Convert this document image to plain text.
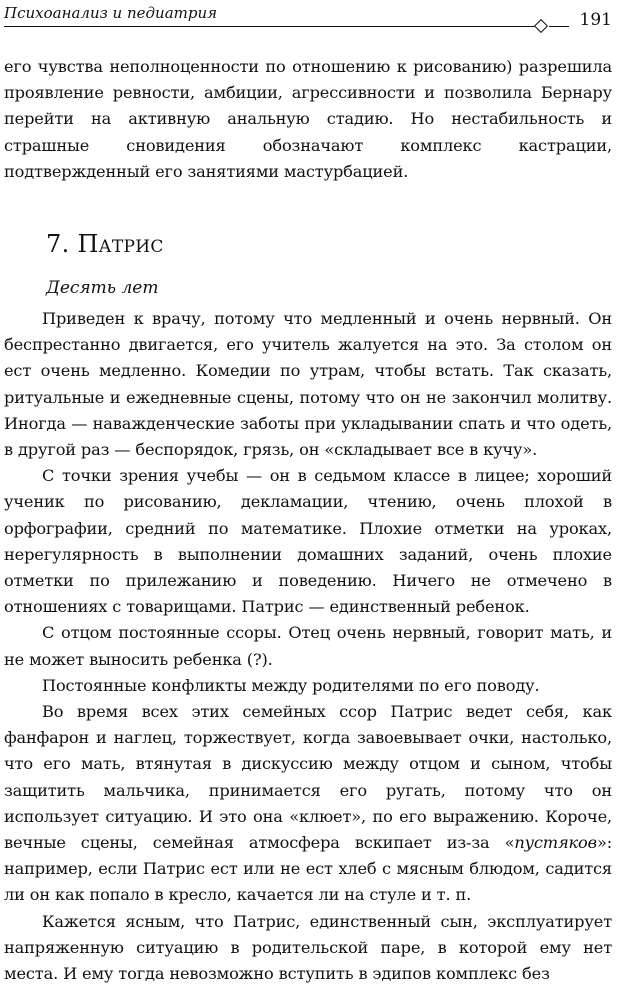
Психоанализ и педиатрия	191

его чувства неполноценности по отношению к рисованию) разрешила проявление ревности, амбиции, агрессивности и позволила Бернару перейти на активную анальную стадию. Но нестабильность и страшные сновидения обозначают комплекс кастрации, подтвержденный его занятиями мастурбацией.

7. Патрис
Десять лет

Приведен к врачу, потому что медленный и очень нервный. Он беспрестанно двигается, его учитель жалуется на это. За столом он ест очень медленно. Комедии по утрам, чтобы встать. Так сказать, ритуальные и ежедневные сцены, потому что он не закончил молитву. Иногда — наважденческие заботы при укладывании спать и что одеть, в другой раз — беспорядок, грязь, он «складывает все в кучу».

С точки зрения учебы — он в седьмом классе в лицее; хороший ученик по рисованию, декламации, чтению, очень плохой в орфографии, средний по математике. Плохие отметки на уроках, нерегулярность в выполнении домашних заданий, очень плохие отметки по прилежанию и поведению. Ничего не отмечено в отношениях с товарищами. Патрис — единственный ребенок.

С отцом постоянные ссоры. Отец очень нервный, говорит мать, и не может выносить ребенка (?).

Постоянные конфликты между родителями по его поводу.

Во время всех этих семейных ссор Патрис ведет себя, как фанфарон и наглец, торжествует, когда завоевывает очки, настолько, что его мать, втянутая в дискуссию между отцом и сыном, чтобы защитить мальчика, принимается его ругать, потому что он использует ситуацию. И это она «клюет», по его выражению. Короче, вечные сцены, семейная атмосфера вскипает из-за «пустяков»: например, если Патрис ест или не ест хлеб с мясным блюдом, садится ли он как попало в кресло, качается ли на стуле и т. п.

Кажется ясным, что Патрис, единственный сын, эксплуатирует напряженную ситуацию в родительской паре, в которой ему нет места. И ему тогда невозможно вступить в эдипов комплекс без
